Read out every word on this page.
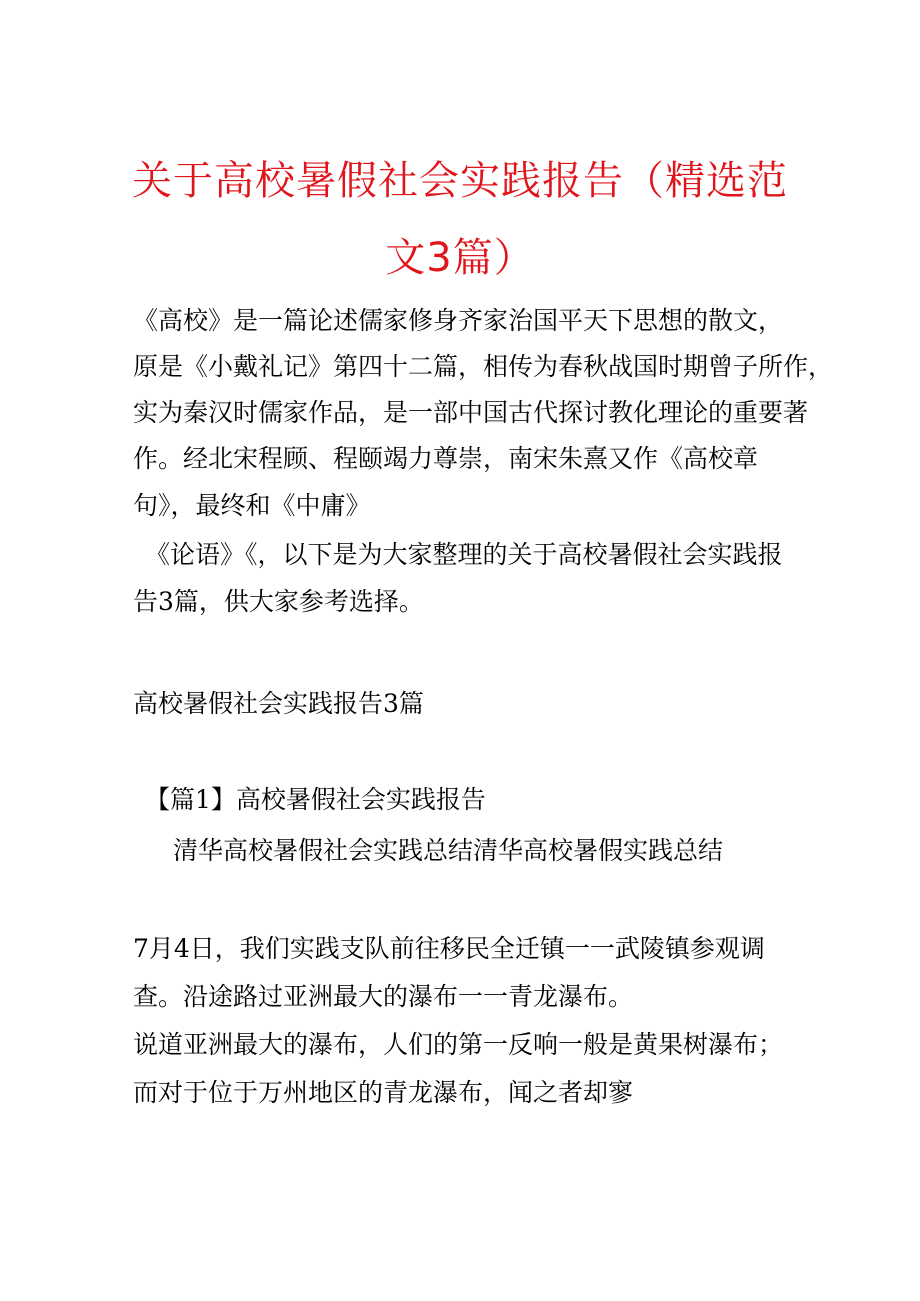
关于高校暑假社会实践报告（精选范
文3篇）
《高校》是一篇论述儒家修身齐家治国平天下思想的散文，
原是《小戴礼记》第四十二篇，相传为春秋战国时期曾子所作，
实为秦汉时儒家作品，是一部中国古代探讨教化理论的重要著
作。经北宋程顾、程颐竭力尊崇，南宋朱熹又作《高校章
句》，最终和《中庸》
《论语》《，以下是为大家整理的关于高校暑假社会实践报
告3篇，供大家参考选择。
高校暑假社会实践报告3篇
【篇1】高校暑假社会实践报告
清华高校暑假社会实践总结清华高校暑假实践总结
7月4日，我们实践支队前往移民全迁镇一一武陵镇参观调
查。沿途路过亚洲最大的瀑布一一青龙瀑布。
说道亚洲最大的瀑布，人们的第一反响一般是黄果树瀑布；
而对于位于万州地区的青龙瀑布，闻之者却寥
